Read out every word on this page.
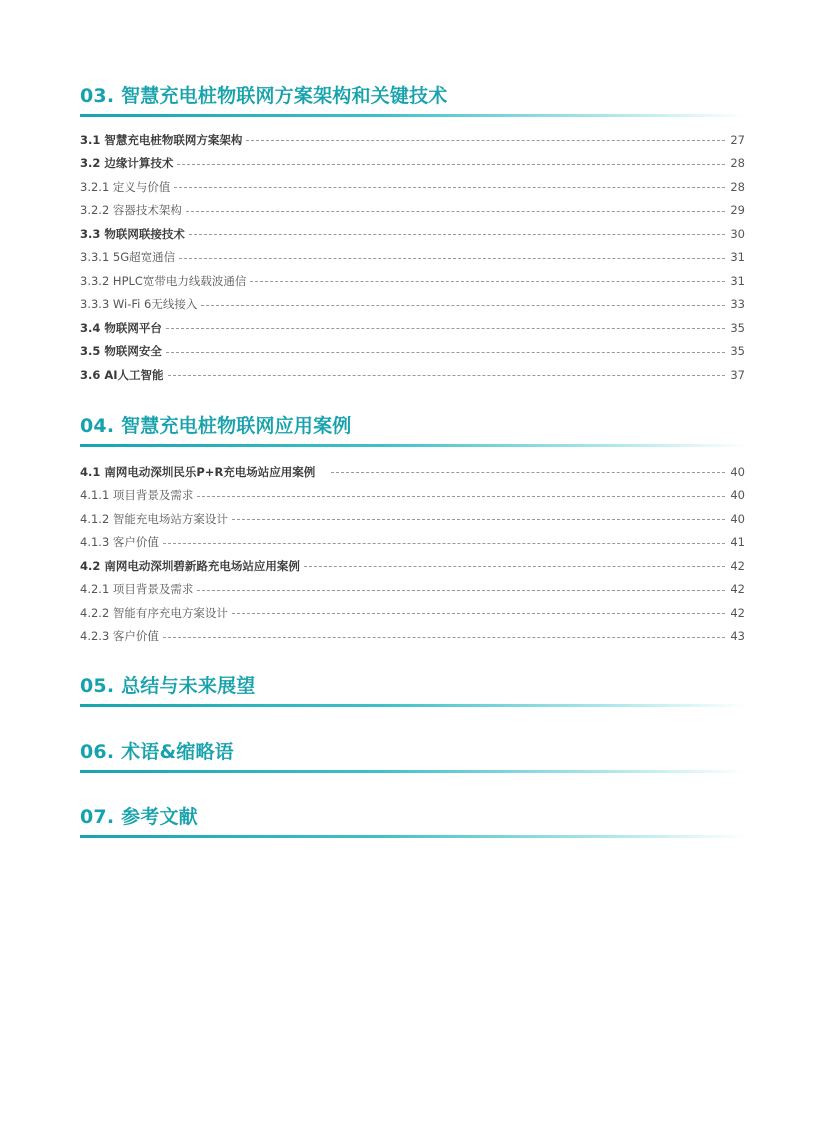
03. 智慧充电桩物联网方案架构和关键技术
3.1 智慧充电桩物联网方案架构	27
3.2 边缘计算技术	28
3.2.1 定义与价值	28
3.2.2 容器技术架构	29
3.3 物联网联接技术	30
3.3.1 5G超宽通信	31
3.3.2 HPLC宽带电力线载波通信	31
3.3.3 Wi-Fi 6无线接入	33
3.4 物联网平台	35
3.5 物联网安全	35
3.6 AI人工智能	37
04. 智慧充电桩物联网应用案例
4.1 南网电动深圳民乐P+R充电场站应用案例	40
4.1.1 项目背景及需求	40
4.1.2 智能充电场站方案设计	40
4.1.3 客户价值	41
4.2 南网电动深圳碧新路充电场站应用案例	42
4.2.1 项目背景及需求	42
4.2.2 智能有序充电方案设计	42
4.2.3 客户价值	43
05. 总结与未来展望
06. 术语&缩略语
07. 参考文献
